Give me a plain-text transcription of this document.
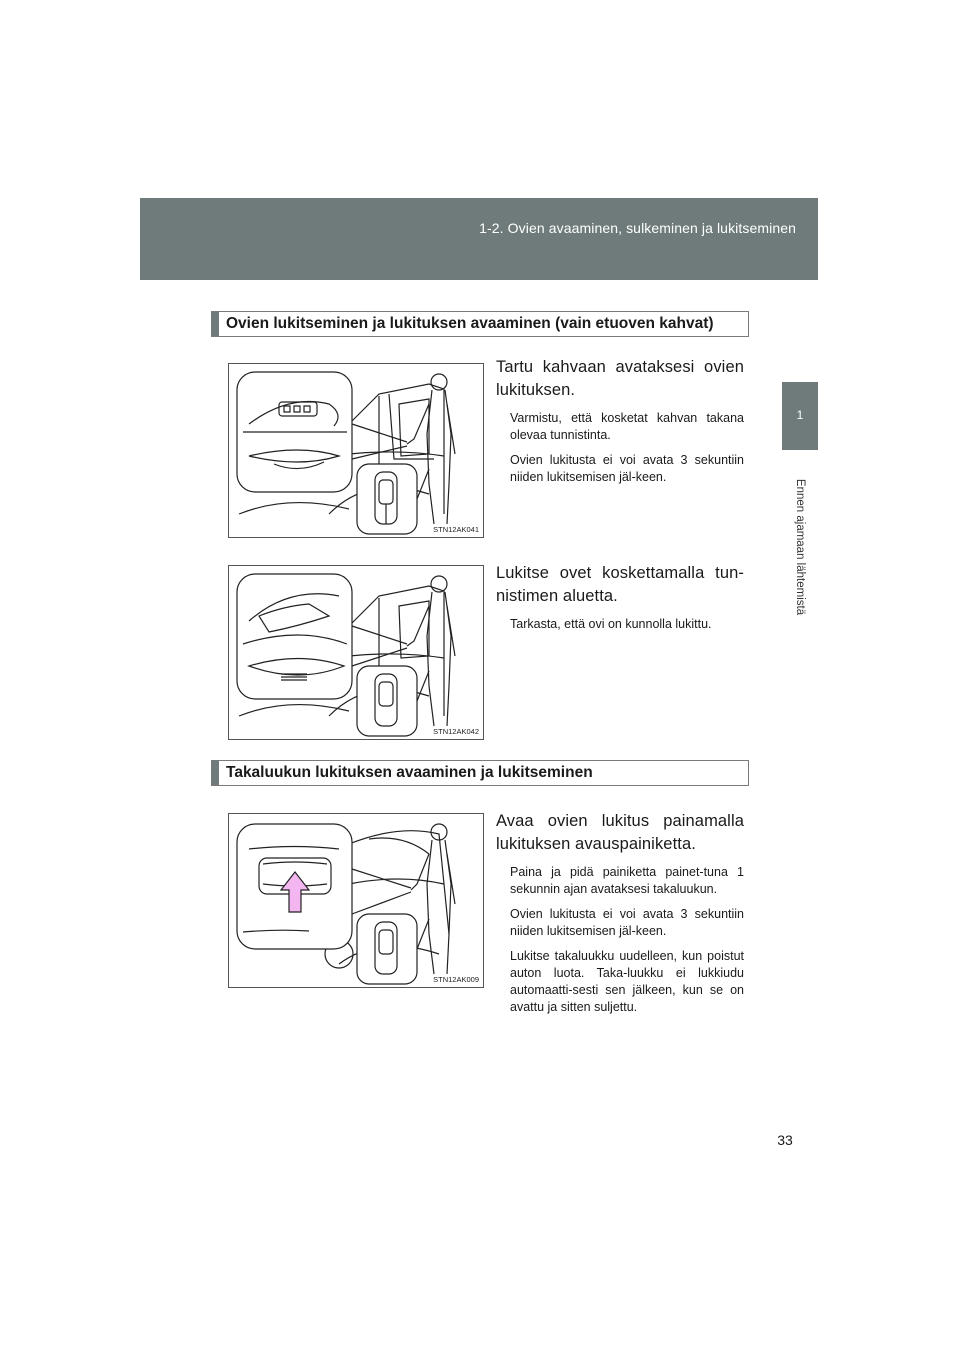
1-2. Ovien avaaminen, sulkeminen ja lukitseminen
1
Ennen ajamaan lähtemistä
Ovien lukitseminen ja lukituksen avaaminen (vain etuoven kahvat)
STN12AK041

Tartu kahvaan avataksesi ovien lukituksen.

Varmistu, että kosketat kahvan takana olevaa tunnistinta.

Ovien lukitusta ei voi avata 3 sekuntiin niiden lukitsemisen jäl-keen.

STN12AK042

Lukitse ovet koskettamalla tun-nistimen aluetta.

Tarkasta, että ovi on kunnolla lukittu.

Takaluukun lukituksen avaaminen ja lukitseminen
STN12AK009

Avaa ovien lukitus painamalla lukituksen avauspainiketta.

Paina ja pidä painiketta painet-tuna 1 sekunnin ajan avataksesi takaluukun.

Ovien lukitusta ei voi avata 3 sekuntiin niiden lukitsemisen jäl-keen.

Lukitse takaluukku uudelleen, kun poistut auton luota. Taka-luukku ei lukkiudu automaatti-sesti sen jälkeen, kun se on avattu ja sitten suljettu.

33
